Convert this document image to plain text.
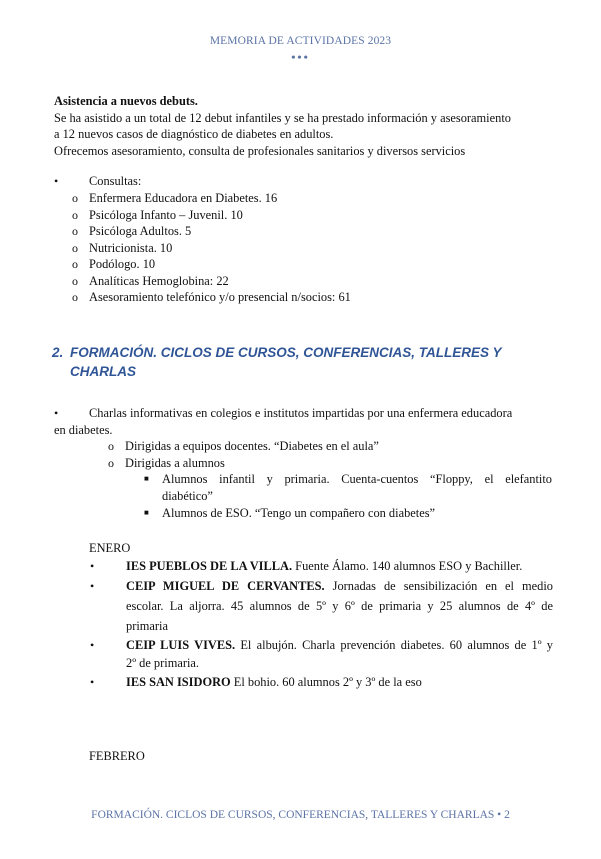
MEMORIA DE ACTIVIDADES 2023
•••
Asistencia a nuevos debuts.
Se ha asistido a un total de 12 debut infantiles y se ha prestado información y asesoramiento
a 12 nuevos casos de diagnóstico de diabetes en adultos.
Ofrecemos asesoramiento, consulta de profesionales sanitarios y diversos servicios
• Consultas:
o Enfermera Educadora en Diabetes. 16
o Psicóloga Infanto – Juvenil. 10
o Psicóloga Adultos. 5
o Nutricionista. 10
o Podólogo. 10
o Analíticas Hemoglobina: 22
o Asesoramiento telefónico y/o presencial n/socios: 61
2. FORMACIÓN. CICLOS DE CURSOS, CONFERENCIAS, TALLERES Y
CHARLAS
• Charlas informativas en colegios e institutos impartidas por una enfermera educadora
en diabetes.
o Dirigidas a equipos docentes. “Diabetes en el aula”
o Dirigidas a alumnos
■ Alumnos infantil y primaria. Cuenta-cuentos “Floppy, el elefantito
diabético”
■ Alumnos de ESO. “Tengo un compañero con diabetes”
ENERO
•	IES PUEBLOS DE LA VILLA. Fuente Álamo. 140 alumnos ESO y Bachiller.
•	CEIP MIGUEL DE CERVANTES. Jornadas de sensibilización en el medio
escolar. La aljorra. 45 alumnos de 5º y 6º de primaria y 25 alumnos de 4º de
primaria
•	CEIP LUIS VIVES. El albujón. Charla prevención diabetes. 60 alumnos de 1º y
2º de primaria.
•	IES SAN ISIDORO El bohio. 60 alumnos 2º y 3º de la eso
FEBRERO
FORMACIÓN. CICLOS DE CURSOS, CONFERENCIAS, TALLERES Y CHARLAS • 2
